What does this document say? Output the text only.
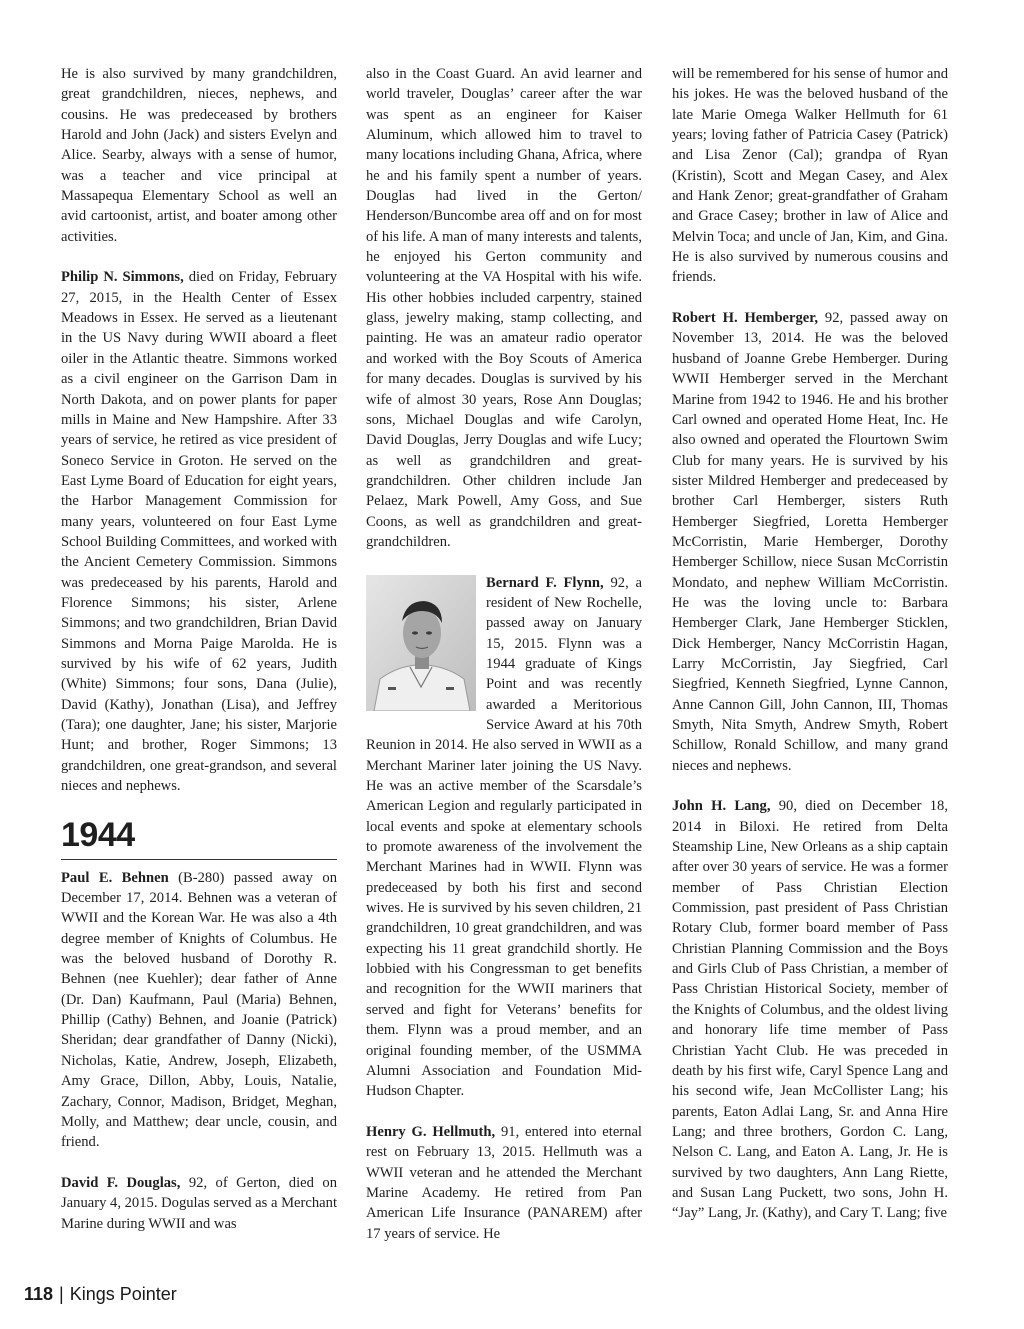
He is also survived by many grandchildren, great grandchildren, nieces, nephews, and cousins. He was predeceased by brothers Harold and John (Jack) and sisters Evelyn and Alice. Searby, always with a sense of humor, was a teacher and vice principal at Massapequa Elementary School as well an avid cartoonist, artist, and boater among other activities.

Philip N. Simmons, died on Friday, February 27, 2015, in the Health Center of Essex Meadows in Essex. He served as a lieutenant in the US Navy during WWII aboard a fleet oiler in the Atlantic theatre. Simmons worked as a civil engineer on the Garrison Dam in North Dakota, and on power plants for paper mills in Maine and New Hampshire. After 33 years of service, he retired as vice president of Soneco Service in Groton. He served on the East Lyme Board of Education for eight years, the Harbor Management Commission for many years, volunteered on four East Lyme School Building Committees, and worked with the Ancient Cemetery Commission. Simmons was predeceased by his parents, Harold and Florence Simmons; his sister, Arlene Simmons; and two grandchildren, Brian David Simmons and Morna Paige Marolda. He is survived by his wife of 62 years, Judith (White) Simmons; four sons, Dana (Julie), David (Kathy), Jonathan (Lisa), and Jeffrey (Tara); one daughter, Jane; his sister, Marjorie Hunt; and brother, Roger Simmons; 13 grandchildren, one great-grandson, and several nieces and nephews.

1944

Paul E. Behnen (B-280) passed away on December 17, 2014. Behnen was a veteran of WWII and the Korean War. He was also a 4th degree member of Knights of Columbus. He was the beloved husband of Dorothy R. Behnen (nee Kuehler); dear father of Anne (Dr. Dan) Kaufmann, Paul (Maria) Behnen, Phillip (Cathy) Behnen, and Joanie (Patrick) Sheridan; dear grandfather of Danny (Nicki), Nicholas, Katie, Andrew, Joseph, Elizabeth, Amy Grace, Dillon, Abby, Louis, Natalie, Zachary, Connor, Madison, Bridget, Meghan, Molly, and Matthew; dear uncle, cousin, and friend.

David F. Douglas, 92, of Gerton, died on January 4, 2015. Dogulas served as a Merchant Marine during WWII and was

also in the Coast Guard. An avid learner and world traveler, Douglas’ career after the war was spent as an engineer for Kaiser Aluminum, which allowed him to travel to many locations including Ghana, Africa, where he and his family spent a number of years. Douglas had lived in the Gerton/ Henderson/Buncombe area off and on for most of his life. A man of many interests and talents, he enjoyed his Gerton community and volunteering at the VA Hospital with his wife. His other hobbies included carpentry, stained glass, jewelry making, stamp collecting, and painting. He was an amateur radio operator and worked with the Boy Scouts of America for many decades. Douglas is survived by his wife of almost 30 years, Rose Ann Douglas; sons, Michael Douglas and wife Carolyn, David Douglas, Jerry Douglas and wife Lucy; as well as grandchildren and great-grandchildren. Other children include Jan Pelaez, Mark Powell, Amy Goss, and Sue Coons, as well as grandchildren and great-grandchildren.

Bernard F. Flynn, 92, a resident of New Rochelle, passed away on January 15, 2015. Flynn was a 1944 graduate of Kings Point and was recently awarded a Meritorious Service Award at his 70th Reunion in 2014. He also served in WWII as a Merchant Mariner later joining the US Navy. He was an active member of the Scarsdale’s American Legion and regularly participated in local events and spoke at elementary schools to promote awareness of the involvement the Merchant Marines had in WWII. Flynn was predeceased by both his first and second wives. He is survived by his seven children, 21 grandchildren, 10 great grandchildren, and was expecting his 11 great grandchild shortly. He lobbied with his Congressman to get benefits and recognition for the WWII mariners that served and fight for Veterans’ benefits for them. Flynn was a proud member, and an original founding member, of the USMMA Alumni Association and Foundation Mid-Hudson Chapter.

Henry G. Hellmuth, 91, entered into eternal rest on February 13, 2015. Hellmuth was a WWII veteran and he attended the Merchant Marine Academy. He retired from Pan American Life Insurance (PANAREM) after 17 years of service. He

will be remembered for his sense of humor and his jokes. He was the beloved husband of the late Marie Omega Walker Hellmuth for 61 years; loving father of Patricia Casey (Patrick) and Lisa Zenor (Cal); grandpa of Ryan (Kristin), Scott and Megan Casey, and Alex and Hank Zenor; great-grandfather of Graham and Grace Casey; brother in law of Alice and Melvin Toca; and uncle of Jan, Kim, and Gina. He is also survived by numerous cousins and friends.

Robert H. Hemberger, 92, passed away on November 13, 2014. He was the beloved husband of Joanne Grebe Hemberger. During WWII Hemberger served in the Merchant Marine from 1942 to 1946. He and his brother Carl owned and operated Home Heat, Inc. He also owned and operated the Flourtown Swim Club for many years. He is survived by his sister Mildred Hemberger and predeceased by brother Carl Hemberger, sisters Ruth Hemberger Siegfried, Loretta Hemberger McCorristin, Marie Hemberger, Dorothy Hemberger Schillow, niece Susan McCorristin Mondato, and nephew William McCorristin. He was the loving uncle to: Barbara Hemberger Clark, Jane Hemberger Sticklen, Dick Hemberger, Nancy McCorristin Hagan, Larry McCorristin, Jay Siegfried, Carl Siegfried, Kenneth Siegfried, Lynne Cannon, Anne Cannon Gill, John Cannon, III, Thomas Smyth, Nita Smyth, Andrew Smyth, Robert Schillow, Ronald Schillow, and many grand nieces and nephews.

John H. Lang, 90, died on December 18, 2014 in Biloxi. He retired from Delta Steamship Line, New Orleans as a ship captain after over 30 years of service. He was a former member of Pass Christian Election Commission, past president of Pass Christian Rotary Club, former board member of Pass Christian Planning Commission and the Boys and Girls Club of Pass Christian, a member of Pass Christian Historical Society, member of the Knights of Columbus, and the oldest living and honorary life time member of Pass Christian Yacht Club. He was preceded in death by his first wife, Caryl Spence Lang and his second wife, Jean McCollister Lang; his parents, Eaton Adlai Lang, Sr. and Anna Hire Lang; and three brothers, Gordon C. Lang, Nelson C. Lang, and Eaton A. Lang, Jr. He is survived by two daughters, Ann Lang Riette, and Susan Lang Puckett, two sons, John H. “Jay” Lang, Jr. (Kathy), and Cary T. Lang; five

118 | Kings Pointer
